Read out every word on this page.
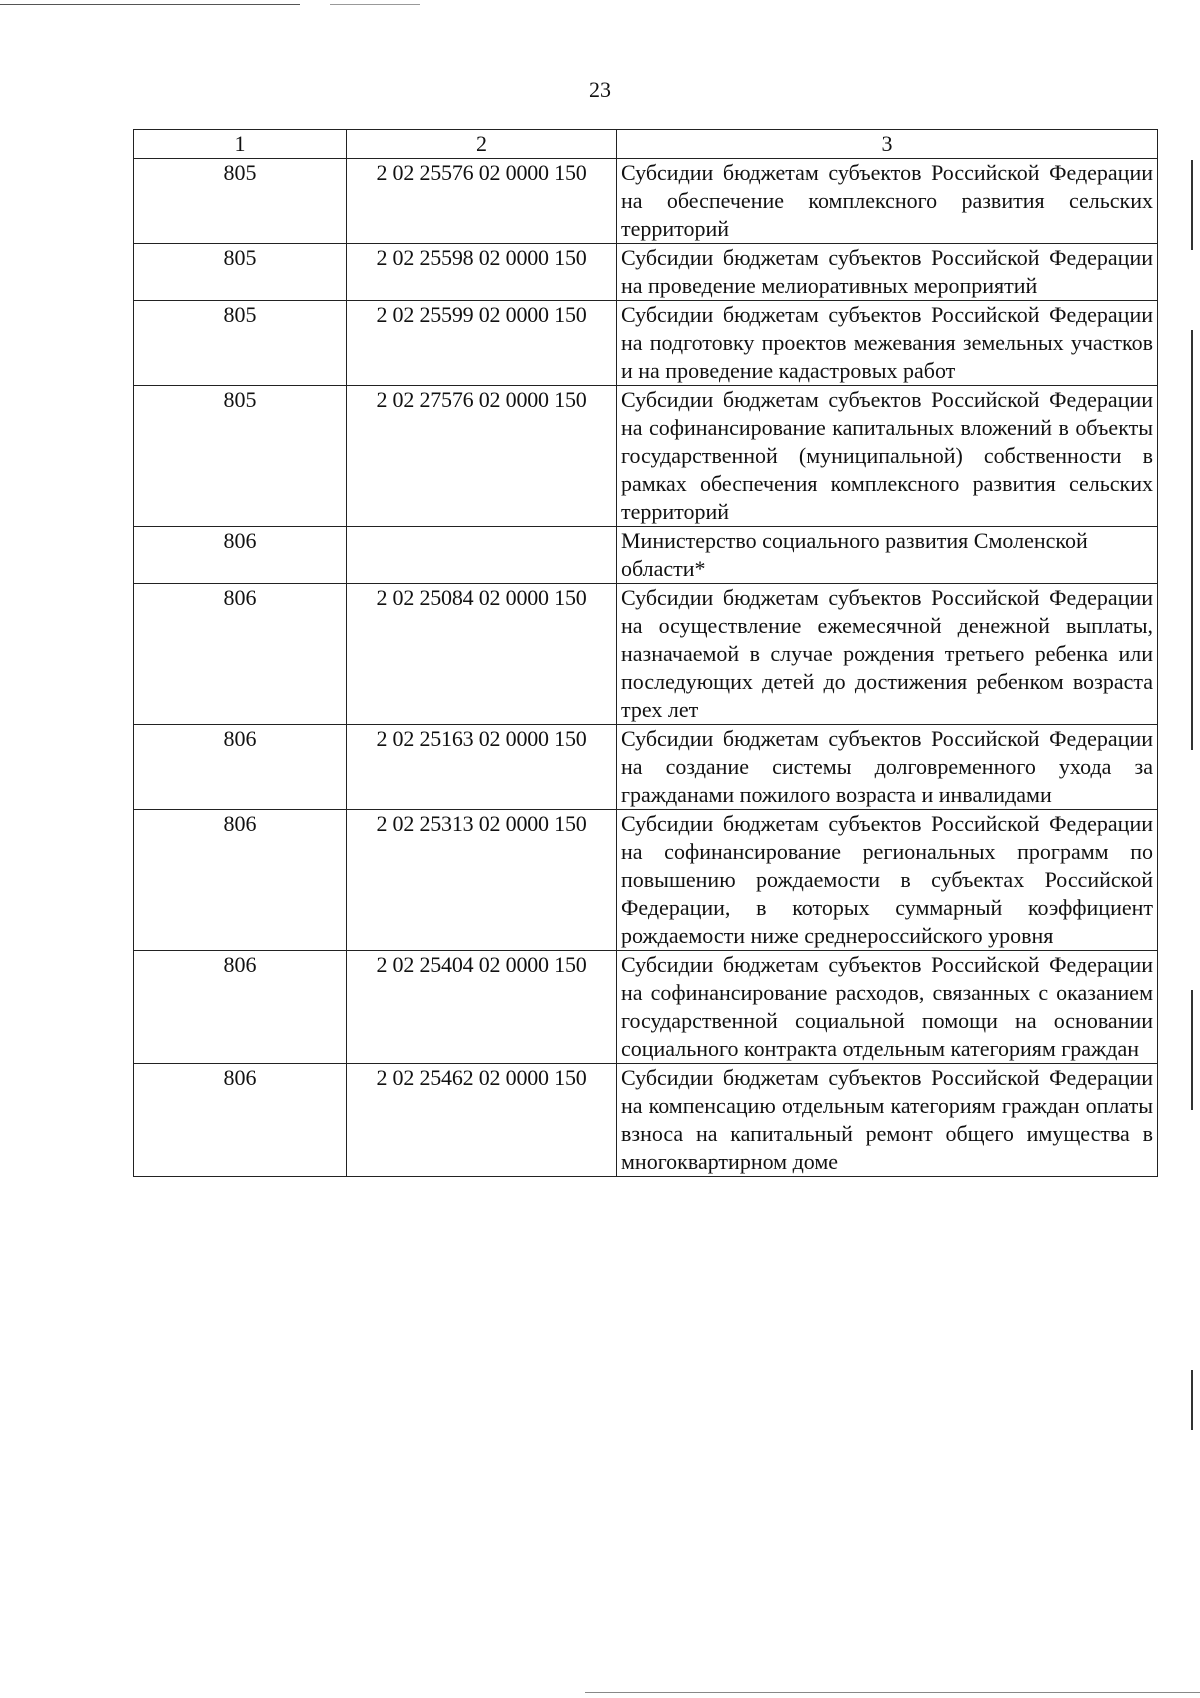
23
1	2	3
805	2 02 25576 02 0000 150	Субсидии бюджетам субъектов Российской Федерации на обеспечение комплексного развития сельских территорий
805	2 02 25598 02 0000 150	Субсидии бюджетам субъектов Российской Федерации на проведение мелиоративных мероприятий
805	2 02 25599 02 0000 150	Субсидии бюджетам субъектов Российской Федерации на подготовку проектов межевания земельных участков и на проведение кадастровых работ
805	2 02 27576 02 0000 150	Субсидии бюджетам субъектов Российской Федерации на софинансирование капитальных вложений в объекты государственной (муниципальной) собственности в рамках обеспечения комплексного развития сельских территорий
806		Министерство социального развития Смоленской области*
806	2 02 25084 02 0000 150	Субсидии бюджетам субъектов Российской Федерации на осуществление ежемесячной денежной выплаты, назначаемой в случае рождения третьего ребенка или последующих детей до достижения ребенком возраста трех лет
806	2 02 25163 02 0000 150	Субсидии бюджетам субъектов Российской Федерации на создание системы долговременного ухода за гражданами пожилого возраста и инвалидами
806	2 02 25313 02 0000 150	Субсидии бюджетам субъектов Российской Федерации на софинансирование региональных программ по повышению рождаемости в субъектах Российской Федерации, в которых суммарный коэффициент рождаемости ниже среднероссийского уровня
806	2 02 25404 02 0000 150	Субсидии бюджетам субъектов Российской Федерации на софинансирование расходов, связанных с оказанием государственной социальной помощи на основании социального контракта отдельным категориям граждан
806	2 02 25462 02 0000 150	Субсидии бюджетам субъектов Российской Федерации на компенсацию отдельным категориям граждан оплаты взноса на капитальный ремонт общего имущества в многоквартирном доме
